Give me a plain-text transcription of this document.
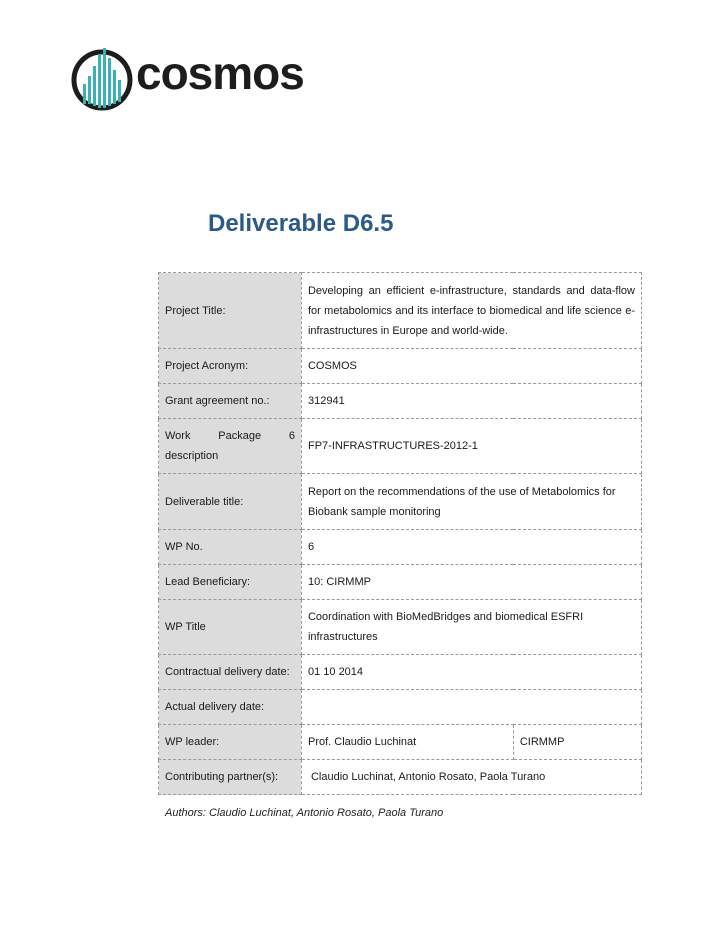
cosmos
Deliverable D6.5
Project Title:	Developing an efficient e-infrastructure, standards and data-flow for metabolomics and its interface to biomedical and life science e-infrastructures in Europe and world-wide.	
Project Acronym:	COSMOS	
Grant agreement no.:	312941	
Work Package 6 description	FP7-INFRASTRUCTURES-2012-1	
Deliverable title:	Report on the recommendations of the use of Metabolomics for Biobank sample monitoring	
WP No.	6	
Lead Beneficiary:	10: CIRMMP	
WP Title	Coordination with BioMedBridges and biomedical ESFRI infrastructures	
Contractual delivery date:	01 10 2014	
Actual delivery date:		
WP leader:	Prof. Claudio Luchinat	CIRMMP
Contributing partner(s):	Claudio Luchinat, Antonio Rosato, Paola Turano	
Authors: Claudio Luchinat, Antonio Rosato, Paola Turano
